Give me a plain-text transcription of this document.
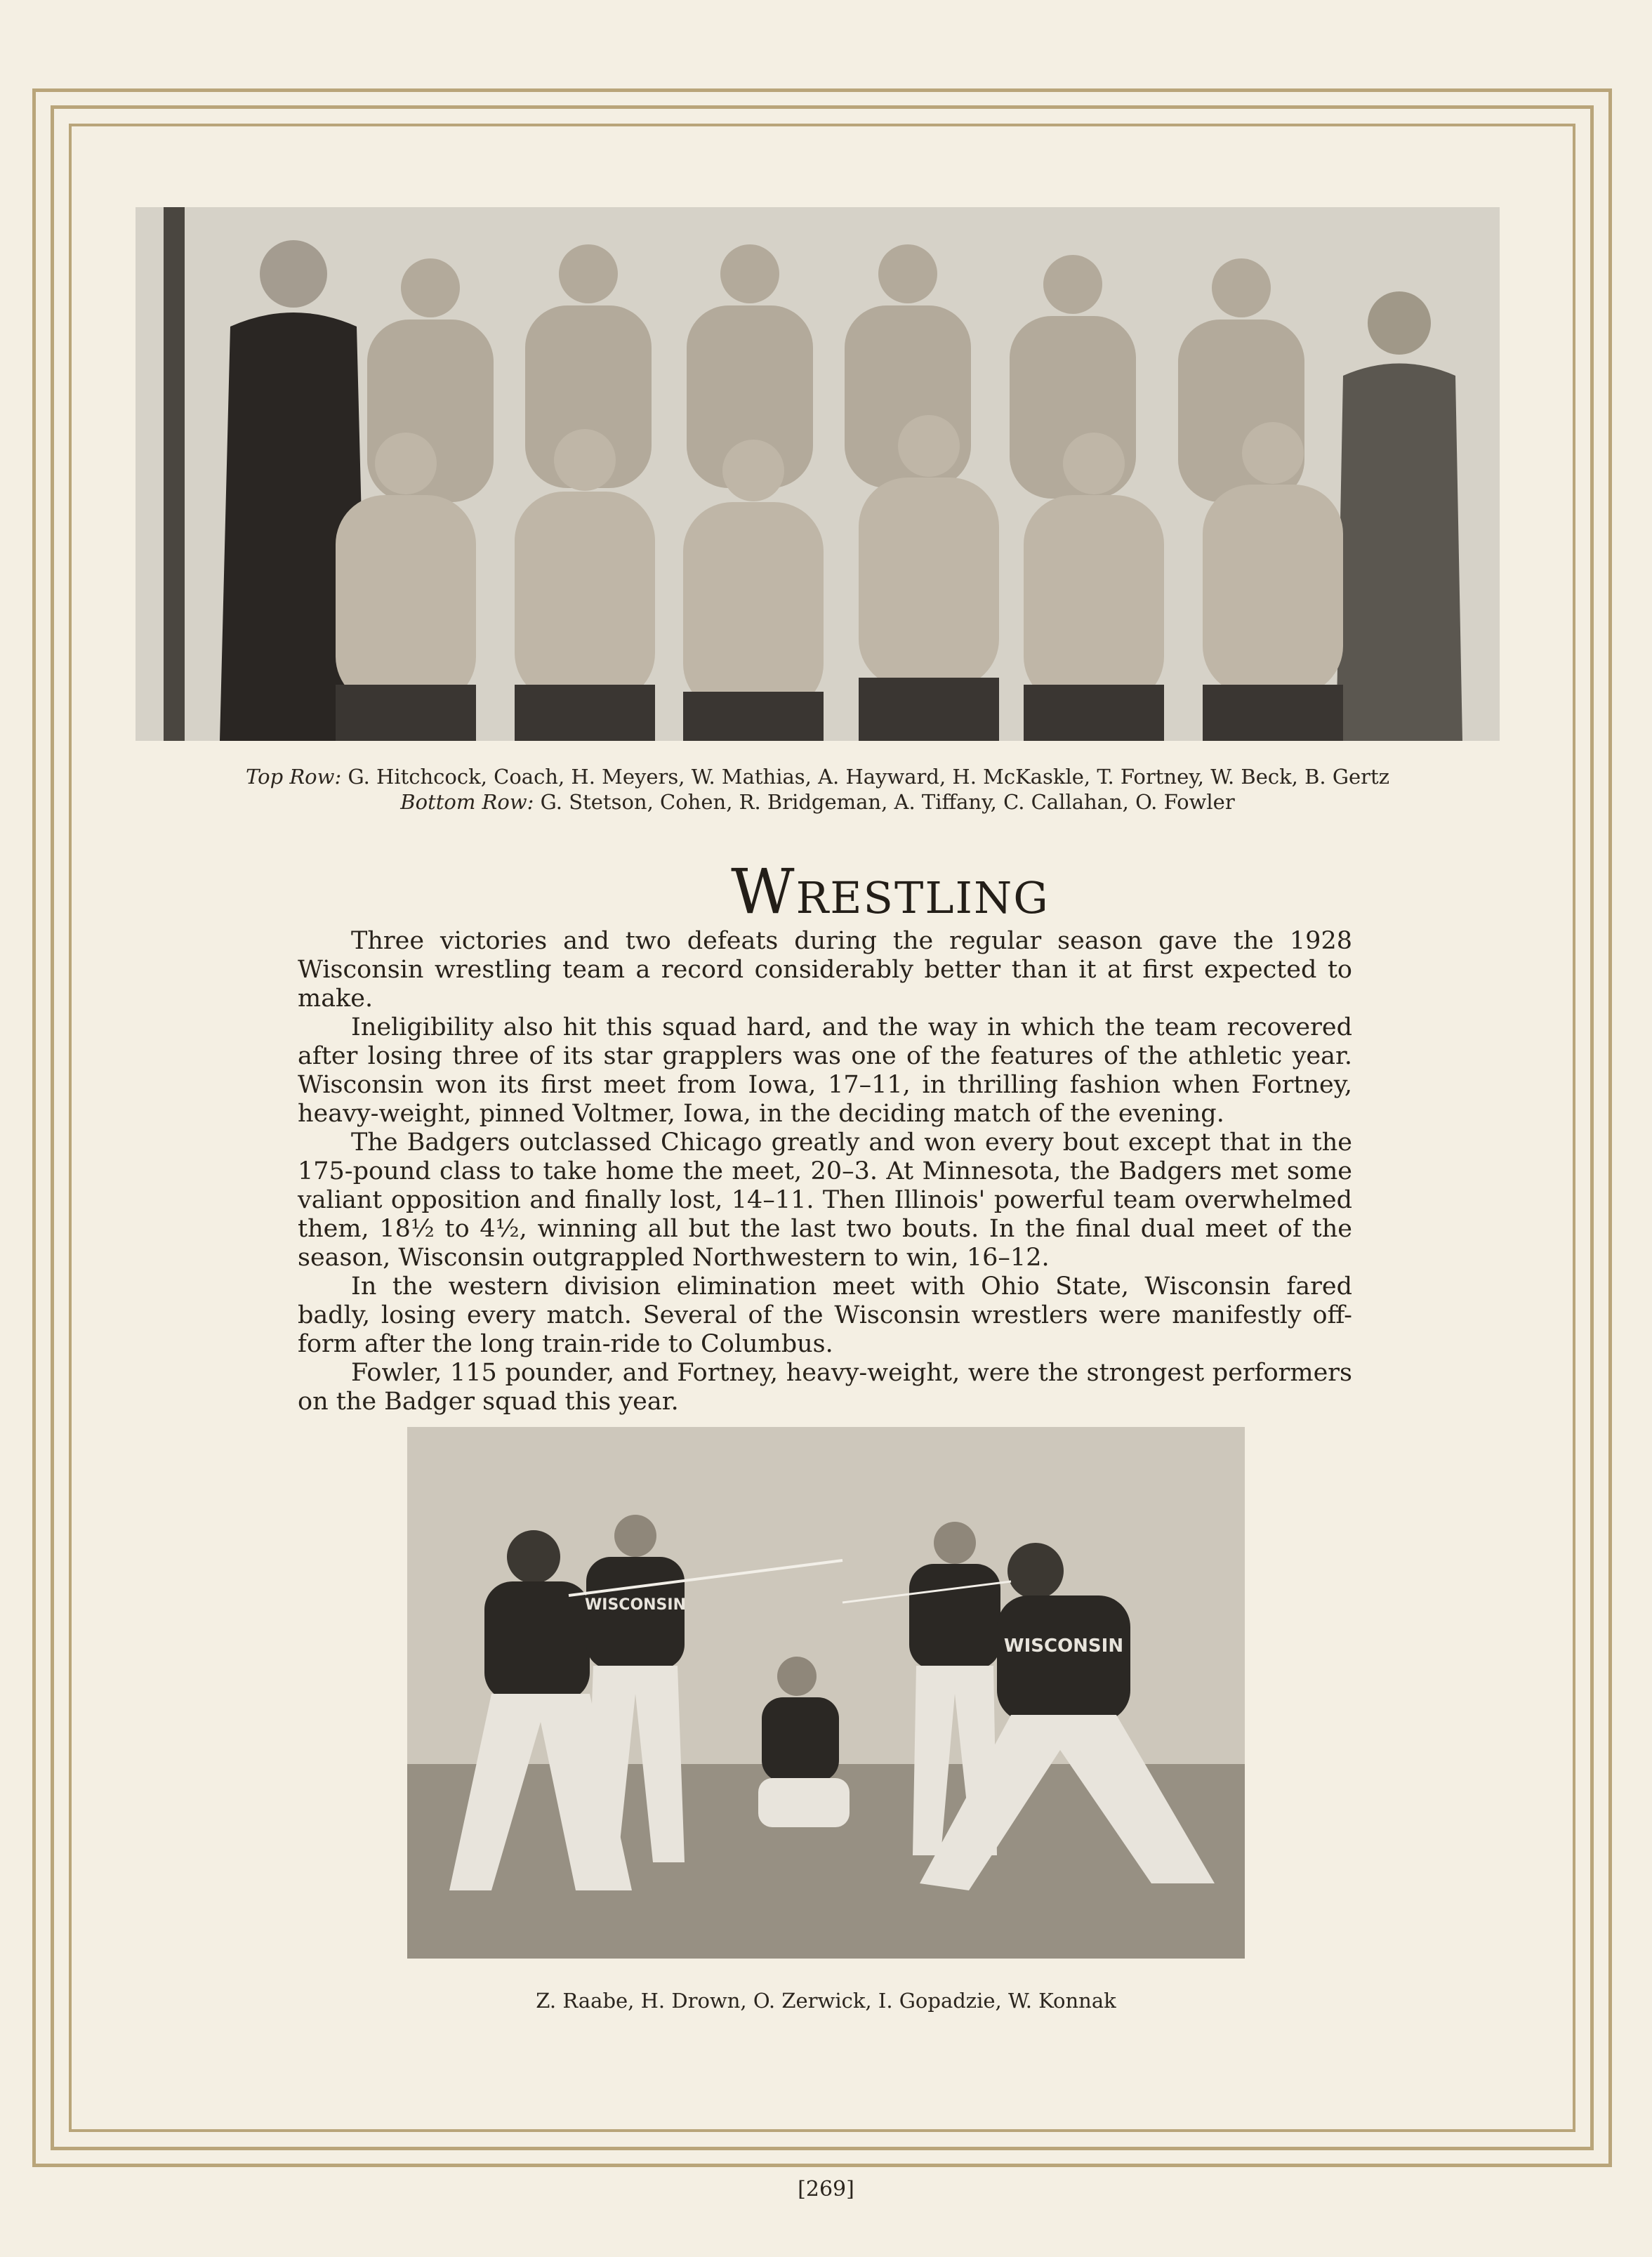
Top Row: G. Hitchcock, Coach, H. Meyers, W. Mathias, A. Hayward, H. McKaskle, T. Fortney, W. Beck, B. Gertz
Bottom Row: G. Stetson, Cohen, R. Bridgeman, A. Tiffany, C. Callahan, O. Fowler
Wrestling

Three victories and two defeats during the regular season gave the 1928 Wisconsin wrestling team a record considerably better than it at first expected to make.

Ineligibility also hit this squad hard, and the way in which the team recovered after losing three of its star grapplers was one of the features of the athletic year. Wisconsin won its first meet from Iowa, 17–11, in thrilling fashion when Fortney, heavy-weight, pinned Voltmer, Iowa, in the deciding match of the evening.

The Badgers outclassed Chicago greatly and won every bout except that in the 175-pound class to take home the meet, 20–3. At Minnesota, the Badgers met some valiant opposition and finally lost, 14–11. Then Illinois' powerful team overwhelmed them, 18½ to 4½, winning all but the last two bouts. In the final dual meet of the season, Wisconsin outgrappled Northwestern to win, 16–12.

In the western division elimination meet with Ohio State, Wisconsin fared badly, losing every match. Several of the Wisconsin wrestlers were manifestly off-form after the long train-ride to Columbus.

Fowler, 115 pounder, and Fortney, heavy-weight, were the strongest performers on the Badger squad this year.

WISCONSIN
WISCONSIN
Z. Raabe, H. Drown, O. Zerwick, I. Gopadzie, W. Konnak
[269]
